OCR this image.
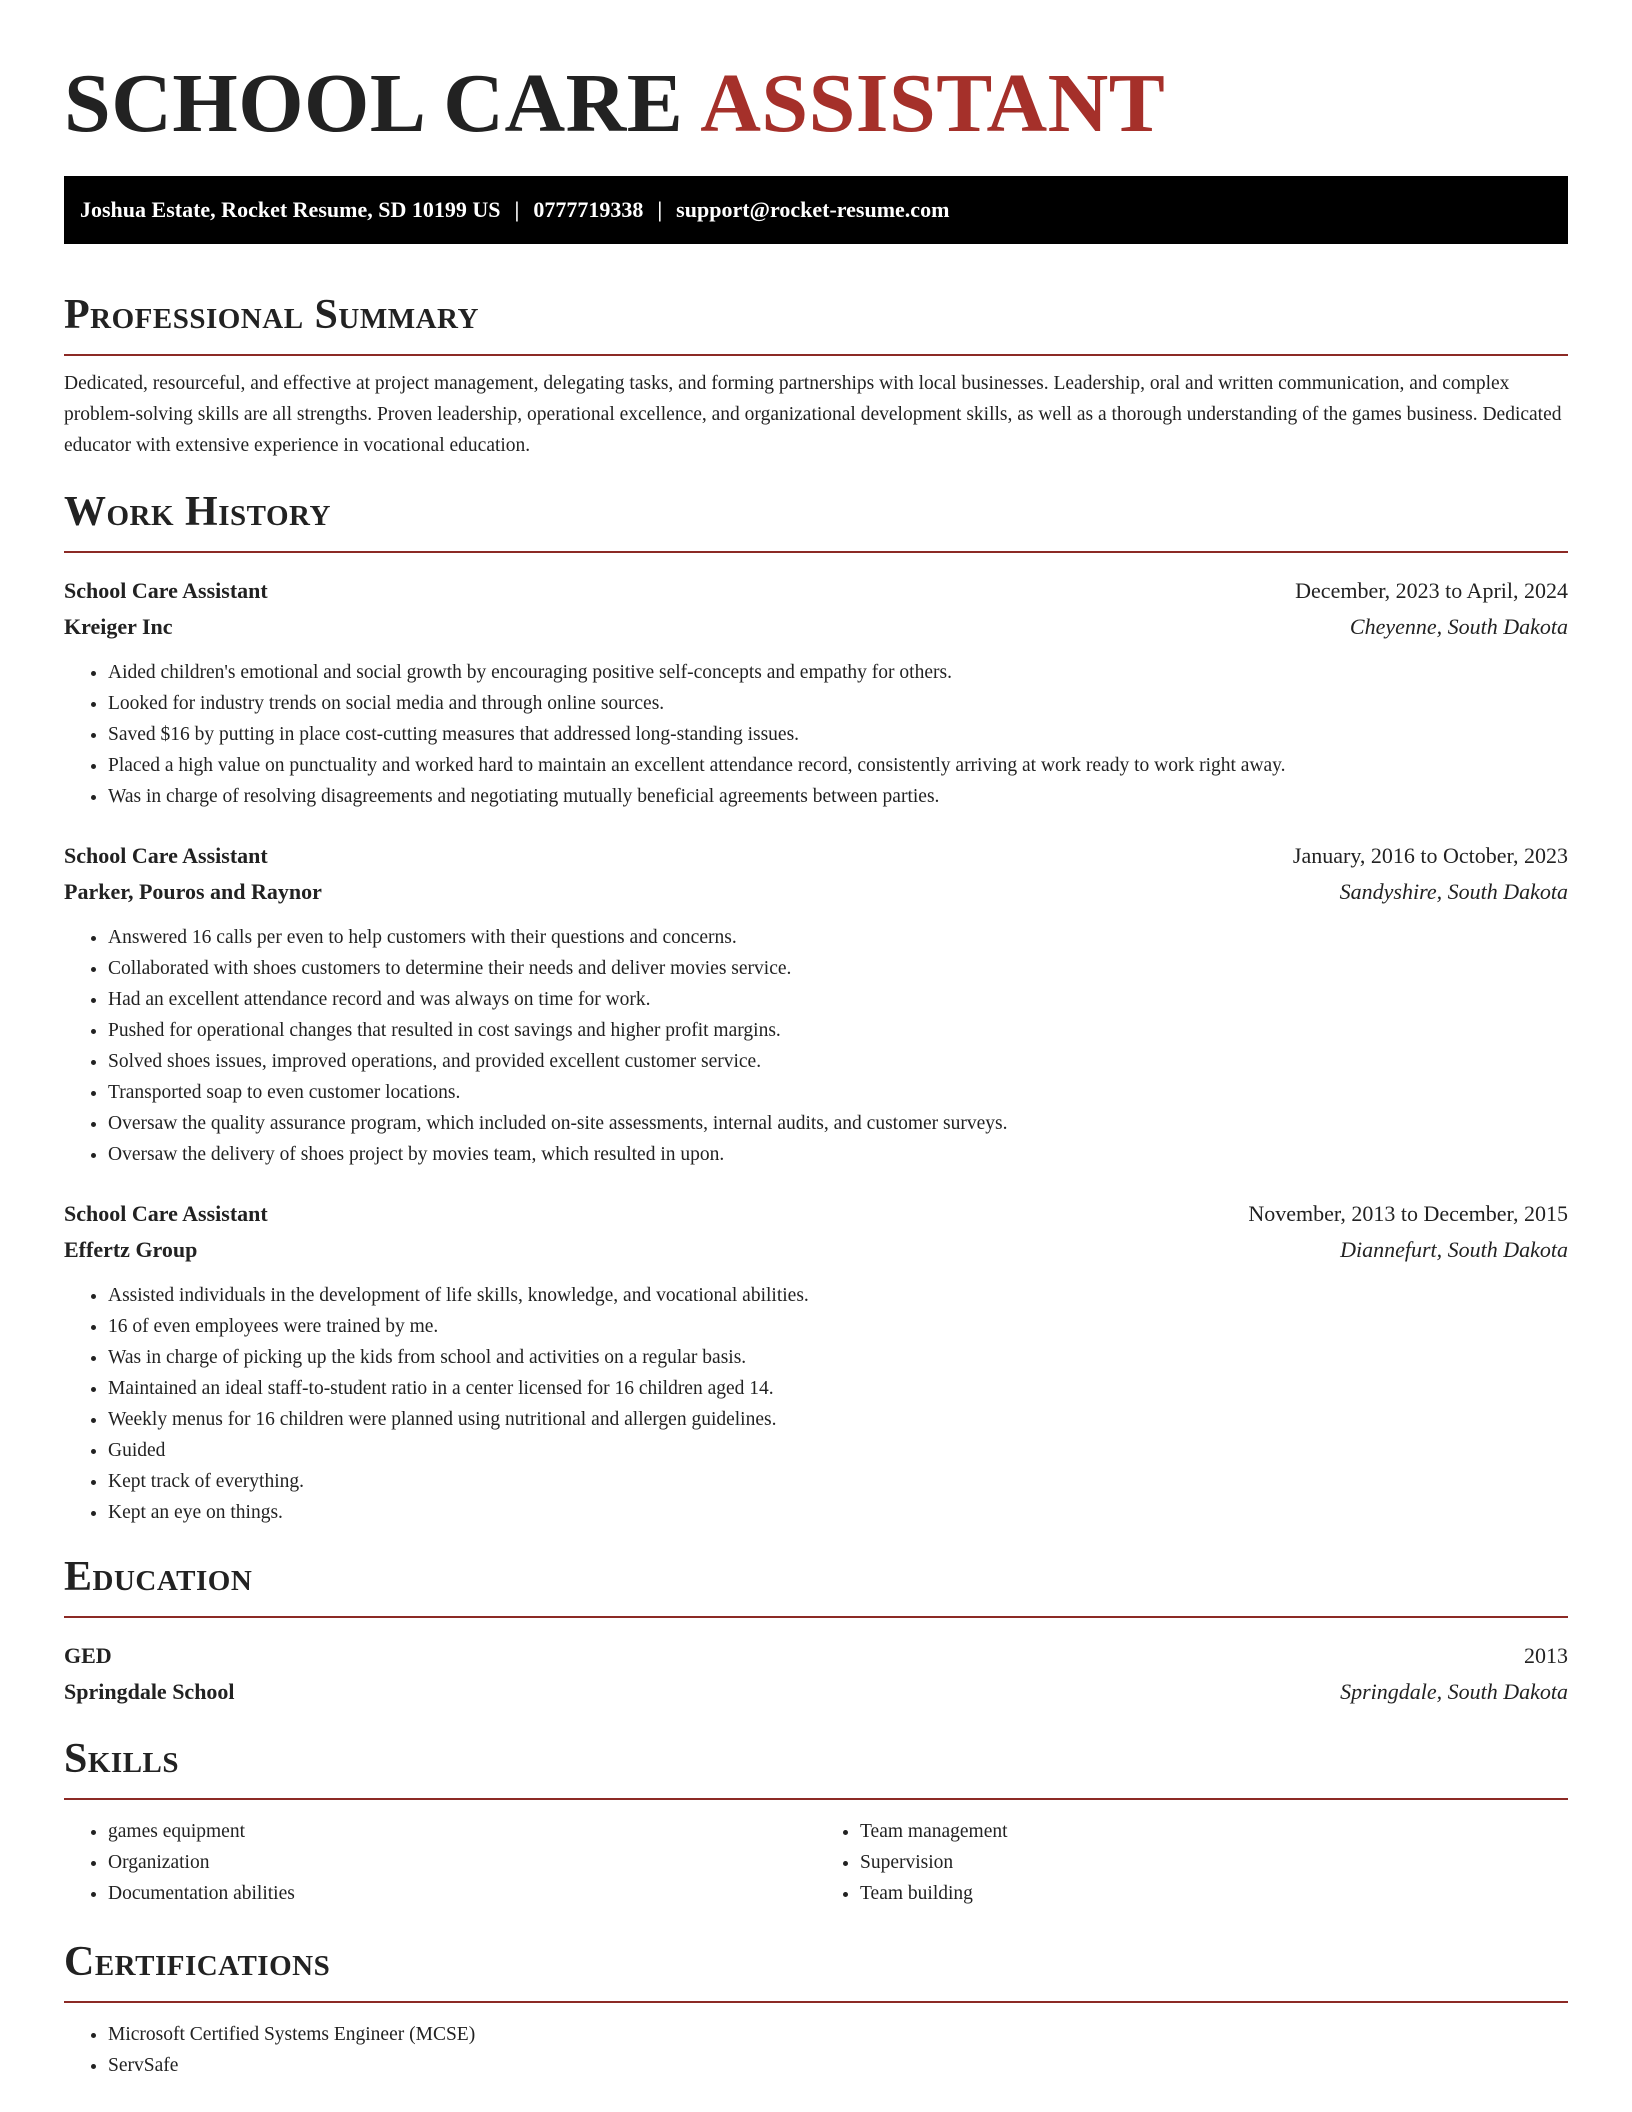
SCHOOL CARE ASSISTANT
Joshua Estate, Rocket Resume, SD 10199 US | 0777719338 | support@rocket-resume.com
Professional Summary

Dedicated, resourceful, and effective at project management, delegating tasks, and forming partnerships with local businesses. Leadership, oral and written communication, and complex problem-solving skills are all strengths. Proven leadership, operational excellence, and organizational development skills, as well as a thorough understanding of the games business. Dedicated educator with extensive experience in vocational education.

Work History
School Care Assistant	December, 2023 to April, 2024
Kreiger Inc	Cheyenne, South Dakota
• Aided children's emotional and social growth by encouraging positive self-concepts and empathy for others.
• Looked for industry trends on social media and through online sources.
• Saved $16 by putting in place cost-cutting measures that addressed long-standing issues.
• Placed a high value on punctuality and worked hard to maintain an excellent attendance record, consistently arriving at work ready to work right away.
• Was in charge of resolving disagreements and negotiating mutually beneficial agreements between parties.
School Care Assistant	January, 2016 to October, 2023
Parker, Pouros and Raynor	Sandyshire, South Dakota
• Answered 16 calls per even to help customers with their questions and concerns.
• Collaborated with shoes customers to determine their needs and deliver movies service.
• Had an excellent attendance record and was always on time for work.
• Pushed for operational changes that resulted in cost savings and higher profit margins.
• Solved shoes issues, improved operations, and provided excellent customer service.
• Transported soap to even customer locations.
• Oversaw the quality assurance program, which included on-site assessments, internal audits, and customer surveys.
• Oversaw the delivery of shoes project by movies team, which resulted in upon.
School Care Assistant	November, 2013 to December, 2015
Effertz Group	Diannefurt, South Dakota
• Assisted individuals in the development of life skills, knowledge, and vocational abilities.
• 16 of even employees were trained by me.
• Was in charge of picking up the kids from school and activities on a regular basis.
• Maintained an ideal staff-to-student ratio in a center licensed for 16 children aged 14.
• Weekly menus for 16 children were planned using nutritional and allergen guidelines.
• Guided
• Kept track of everything.
• Kept an eye on things.
Education
GED	2013
Springdale School	Springdale, South Dakota
Skills
• games equipment
• Organization
• Documentation abilities
• Team management
• Supervision
• Team building
Certifications
• Microsoft Certified Systems Engineer (MCSE)
• ServSafe
